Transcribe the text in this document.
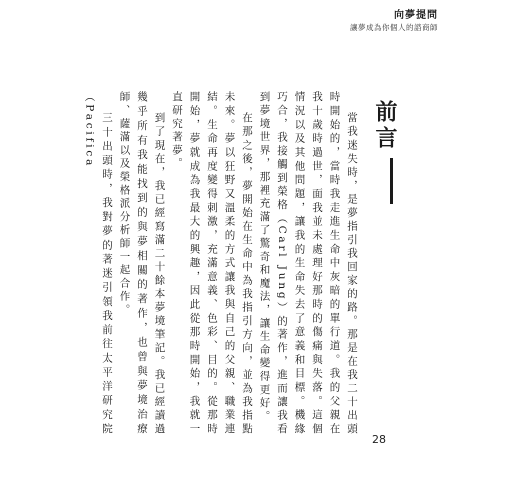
向夢提問
讓夢成為你個人的諮商師
前言

當我迷失時，是夢指引我回家的路。那是在我二十出頭時開始的，當時我走進生命中灰暗的單行道。我的父親在我十歲時過世，面我並未處理好那時的傷痛與失落。這個情況以及其他問題，讓我的生命失去了意義和目標。機緣巧合，我接觸到榮格（Carl Jung）的著作，進而讓我看到夢境世界，那裡充滿了驚奇和魔法，讓生命變得更好。

在那之後，夢開始在生命中為我指引方向，並為我指點未來。夢以狂野又溫柔的方式讓我與自己的父親、職業連結。生命再度變得刺激，充滿意義、色彩、目的。從那時開始，夢就成為我最大的興趣，因此從那時開始，我就一直研究著夢。

到了現在，我已經寫滿二十餘本夢境筆記。我已經讀過幾乎所有我能找到的與夢相關的著作，也曾與夢境治療師、薩滿以及榮格派分析師一起合作。

三十出頭時，我對夢的著迷引領我前往太平洋研究院（Pacifica

28
